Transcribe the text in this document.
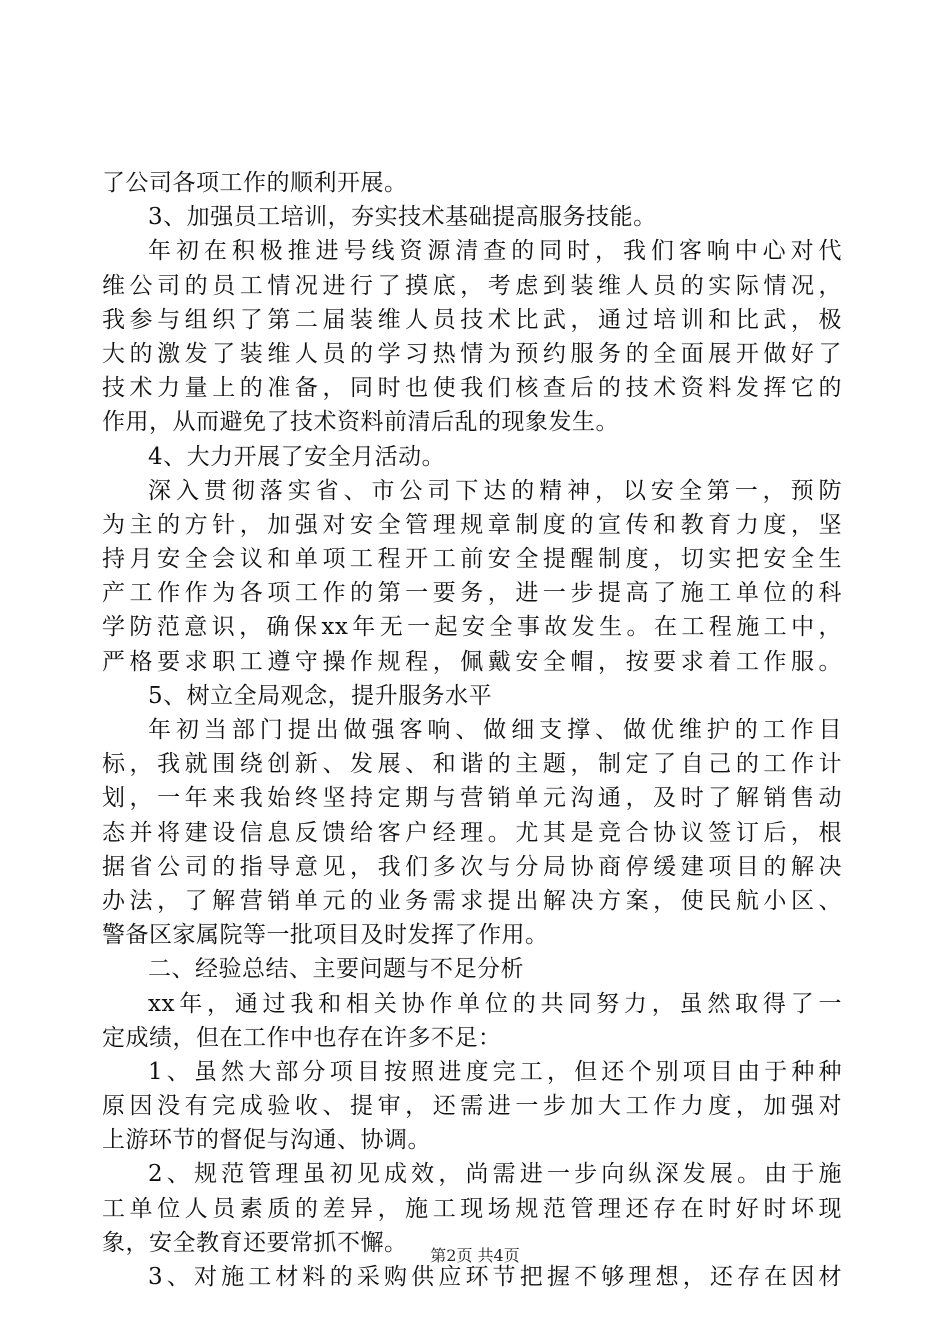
了公司各项工作的顺利开展。
3、加强员工培训，夯实技术基础提高服务技能。
年初在积极推进号线资源清查的同时，我们客响中心对代
维公司的员工情况进行了摸底，考虑到装维人员的实际情况，
我参与组织了第二届装维人员技术比武，通过培训和比武，极
大的激发了装维人员的学习热情为预约服务的全面展开做好了
技术力量上的准备，同时也使我们核查后的技术资料发挥它的
作用，从而避免了技术资料前清后乱的现象发生。
4、大力开展了安全月活动。
深入贯彻落实省、市公司下达的精神，以安全第一，预防
为主的方针，加强对安全管理规章制度的宣传和教育力度，坚
持月安全会议和单项工程开工前安全提醒制度，切实把安全生
产工作作为各项工作的第一要务，进一步提高了施工单位的科
学防范意识，确保xx年无一起安全事故发生。在工程施工中，
严格要求职工遵守操作规程，佩戴安全帽，按要求着工作服。
5、树立全局观念，提升服务水平
年初当部门提出做强客响、做细支撑、做优维护的工作目
标，我就围绕创新、发展、和谐的主题，制定了自己的工作计
划，一年来我始终坚持定期与营销单元沟通，及时了解销售动
态并将建设信息反馈给客户经理。尤其是竞合协议签订后，根
据省公司的指导意见，我们多次与分局协商停缓建项目的解决
办法，了解营销单元的业务需求提出解决方案，使民航小区、
警备区家属院等一批项目及时发挥了作用。
二、经验总结、主要问题与不足分析
xx年，通过我和相关协作单位的共同努力，虽然取得了一
定成绩，但在工作中也存在许多不足：
1、虽然大部分项目按照进度完工，但还个别项目由于种种
原因没有完成验收、提审，还需进一步加大工作力度，加强对
上游环节的督促与沟通、协调。
2、规范管理虽初见成效，尚需进一步向纵深发展。由于施
工单位人员素质的差异，施工现场规范管理还存在时好时坏现
象，安全教育还要常抓不懈。
3、对施工材料的采购供应环节把握不够理想，还存在因材
第2页 共4页
